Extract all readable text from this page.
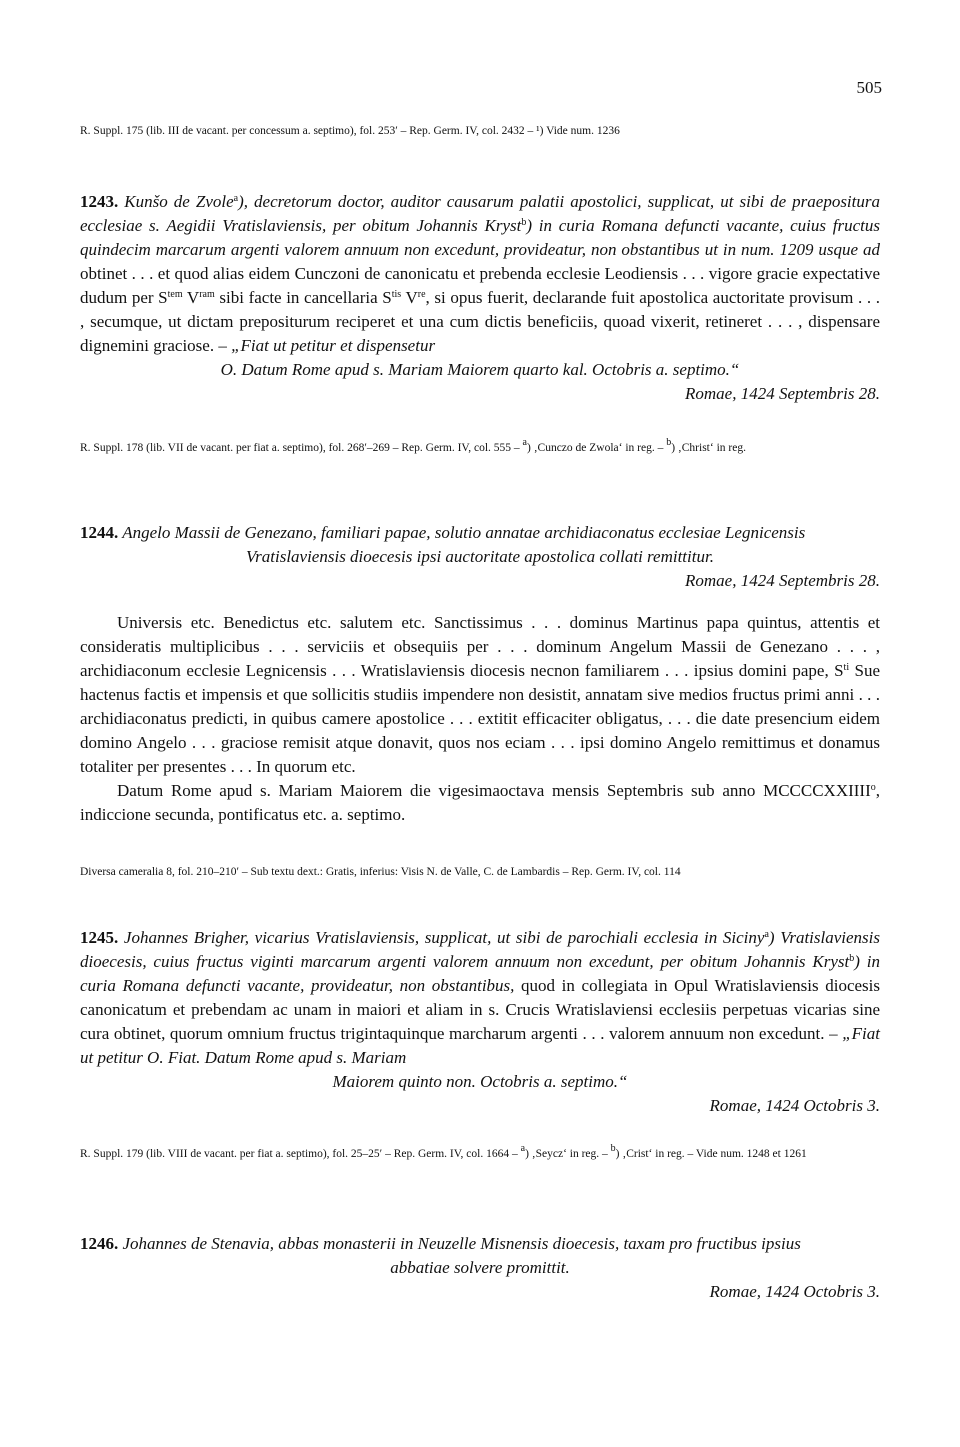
505
R. Suppl. 175 (lib. III de vacant. per concessum a. septimo), fol. 253′ – Rep. Germ. IV, col. 2432 – ¹) Vide num. 1236

1243. Kunšo de Zvole$^a$), decretorum doctor, auditor causarum palatii apostolici, supplicat, ut sibi de praepositura ecclesiae s. Aegidii Vratislaviensis, per obitum Johannis Kryst$^b$) in curia Romana defuncti vacante, cuius fructus quindecim marcarum argenti valorem annuum non excedunt, provideatur, non obstantibus ut in num. 1209 usque ad obtinet . . . et quod alias eidem Cunczoni de canonicatu et prebenda ecclesie Leodiensis . . . vigore gracie expectative dudum per $S^{tem}$ $V^{ram}$ sibi facte in cancellaria $S^{tis}$ Vre, si opus fuerit, declarande fuit apostolica auctoritate provisum . . . , secumque, ut dictam prepositurum reciperet et una cum dictis beneficiis, quoad vixerit, retineret . . . , dispensare dignemini graciose. – „Fiat ut petitur et dispensetur

O. Datum Rome apud s. Mariam Maiorem quarto kal. Octobris a. septimo.“

Romae, 1424 Septembris 28.

R. Suppl. 178 (lib. VII de vacant. per fiat a. septimo), fol. 268′–269 – Rep. Germ. IV, col. 555 – $^a$) ‚Cunczo de Zwola‘ in reg. – $^b$) ‚Christ‘ in reg.

1244. Angelo Massii de Genezano, familiari papae, solutio annatae archidiaconatus ecclesiae Legnicensis

Vratislaviensis dioecesis ipsi auctoritate apostolica collati remittitur.

Romae, 1424 Septembris 28.

Universis etc. Benedictus etc. salutem etc. Sanctissimus . . . dominus Martinus papa quintus, attentis et consideratis multiplicibus . . . serviciis et obsequiis per . . . dominum Angelum Massii de Genezano . . . , archidiaconum ecclesie Legnicensis . . . Wratislaviensis diocesis necnon familiarem . . . ipsius domini pape, $S^{ti}$ Sue hactenus factis et impensis et que sollicitis studiis impendere non desistit, annatam sive medios fructus primi anni . . . archidiaconatus predicti, in quibus camere apostolice . . . extitit efficaciter obligatus, . . . die date presencium eidem domino Angelo . . . graciose remisit atque donavit, quos nos eciam . . . ipsi domino Angelo remittimus et donamus totaliter per presentes . . . In quorum etc.

Datum Rome apud s. Mariam Maiorem die vigesimaoctava mensis Septembris sub anno MCCCCXXIIII$^o$, indiccione secunda, pontificatus etc. a. septimo.

Diversa cameralia 8, fol. 210–210′ – Sub textu dext.: Gratis, inferius: Visis N. de Valle, C. de Lambardis – Rep. Germ. IV, col. 114

1245. Johannes Brigher, vicarius Vratislaviensis, supplicat, ut sibi de parochiali ecclesia in Siciny$^a$) Vratislaviensis dioecesis, cuius fructus viginti marcarum argenti valorem annuum non excedunt, per obitum Johannis Kryst$^b$) in curia Romana defuncti vacante, provideatur, non obstantibus, quod in collegiata in Opul Wratislaviensis diocesis canonicatum et prebendam ac unam in maiori et aliam in s. Crucis Wratislaviensi ecclesiis perpetuas vicarias sine cura obtinet, quorum omnium fructus trigintaquinque marcharum argenti . . . valorem annuum non excedunt. – „Fiat ut petitur O. Fiat. Datum Rome apud s. Mariam

Maiorem quinto non. Octobris a. septimo.“

Romae, 1424 Octobris 3.

R. Suppl. 179 (lib. VIII de vacant. per fiat a. septimo), fol. 25–25′ – Rep. Germ. IV, col. 1664 – $^a$) ‚Seycz‘ in reg. – $^b$) ‚Crist‘ in reg. – Vide num. 1248 et 1261

1246. Johannes de Stenavia, abbas monasterii in Neuzelle Misnensis dioecesis, taxam pro fructibus ipsius

abbatiae solvere promittit.

Romae, 1424 Octobris 3.
